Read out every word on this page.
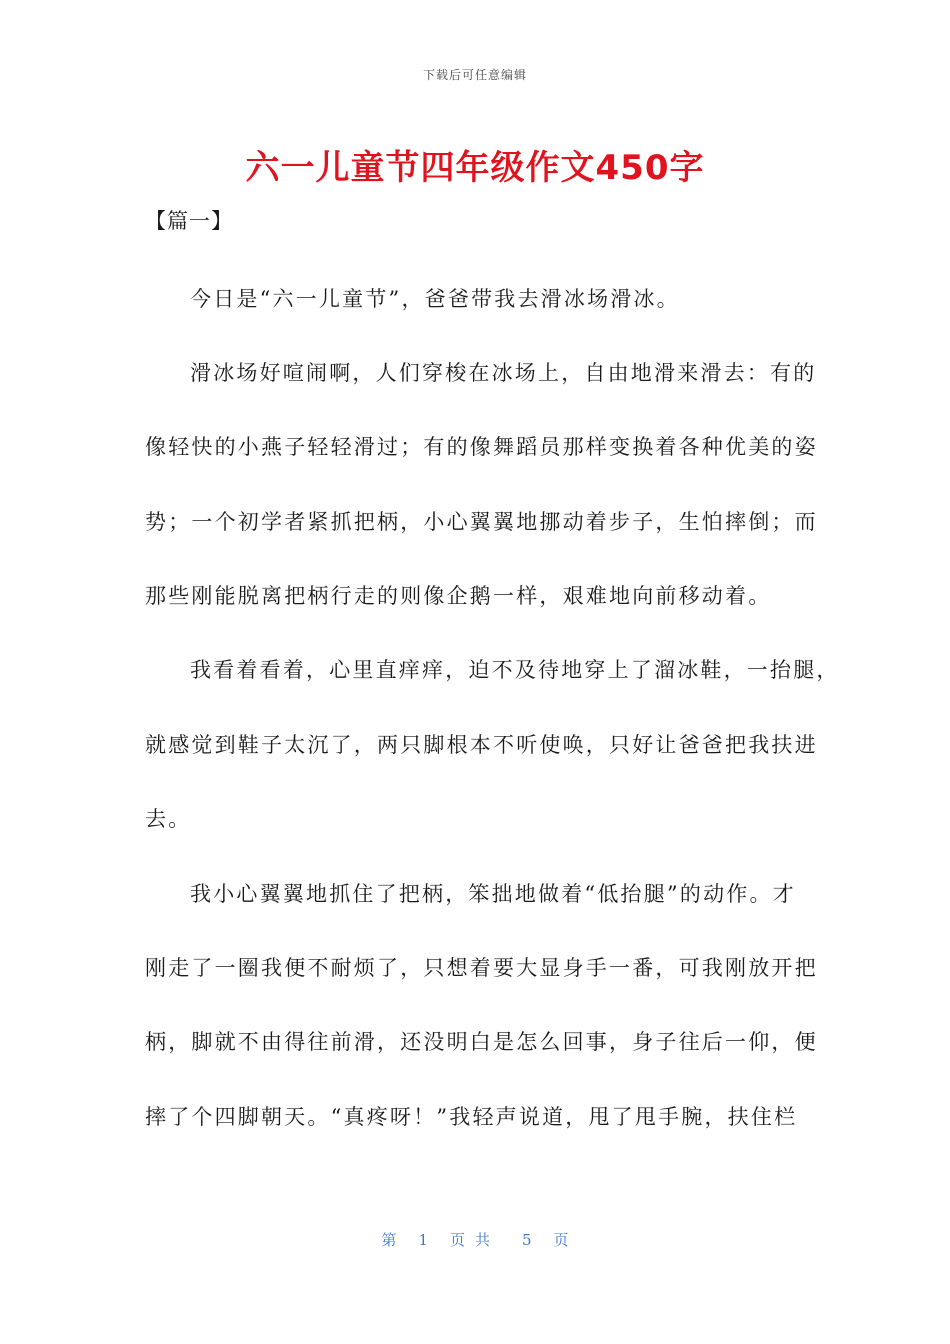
下载后可任意编辑
六一儿童节四年级作文450字
【篇一】
今日是“六一儿童节”，爸爸带我去滑冰场滑冰。
滑冰场好喧闹啊，人们穿梭在冰场上，自由地滑来滑去：有的
像轻快的小燕子轻轻滑过；有的像舞蹈员那样变换着各种优美的姿
势；一个初学者紧抓把柄，小心翼翼地挪动着步子，生怕摔倒；而
那些刚能脱离把柄行走的则像企鹅一样，艰难地向前移动着。
我看着看着，心里直痒痒，迫不及待地穿上了溜冰鞋，一抬腿，
就感觉到鞋子太沉了，两只脚根本不听使唤，只好让爸爸把我扶进
去。
我小心翼翼地抓住了把柄，笨拙地做着“低抬腿”的动作。才
刚走了一圈我便不耐烦了，只想着要大显身手一番，可我刚放开把
柄，脚就不由得往前滑，还没明白是怎么回事，身子往后一仰，便
摔了个四脚朝天。“真疼呀！”我轻声说道，甩了甩手腕，扶住栏
第 1 页共 5 页
